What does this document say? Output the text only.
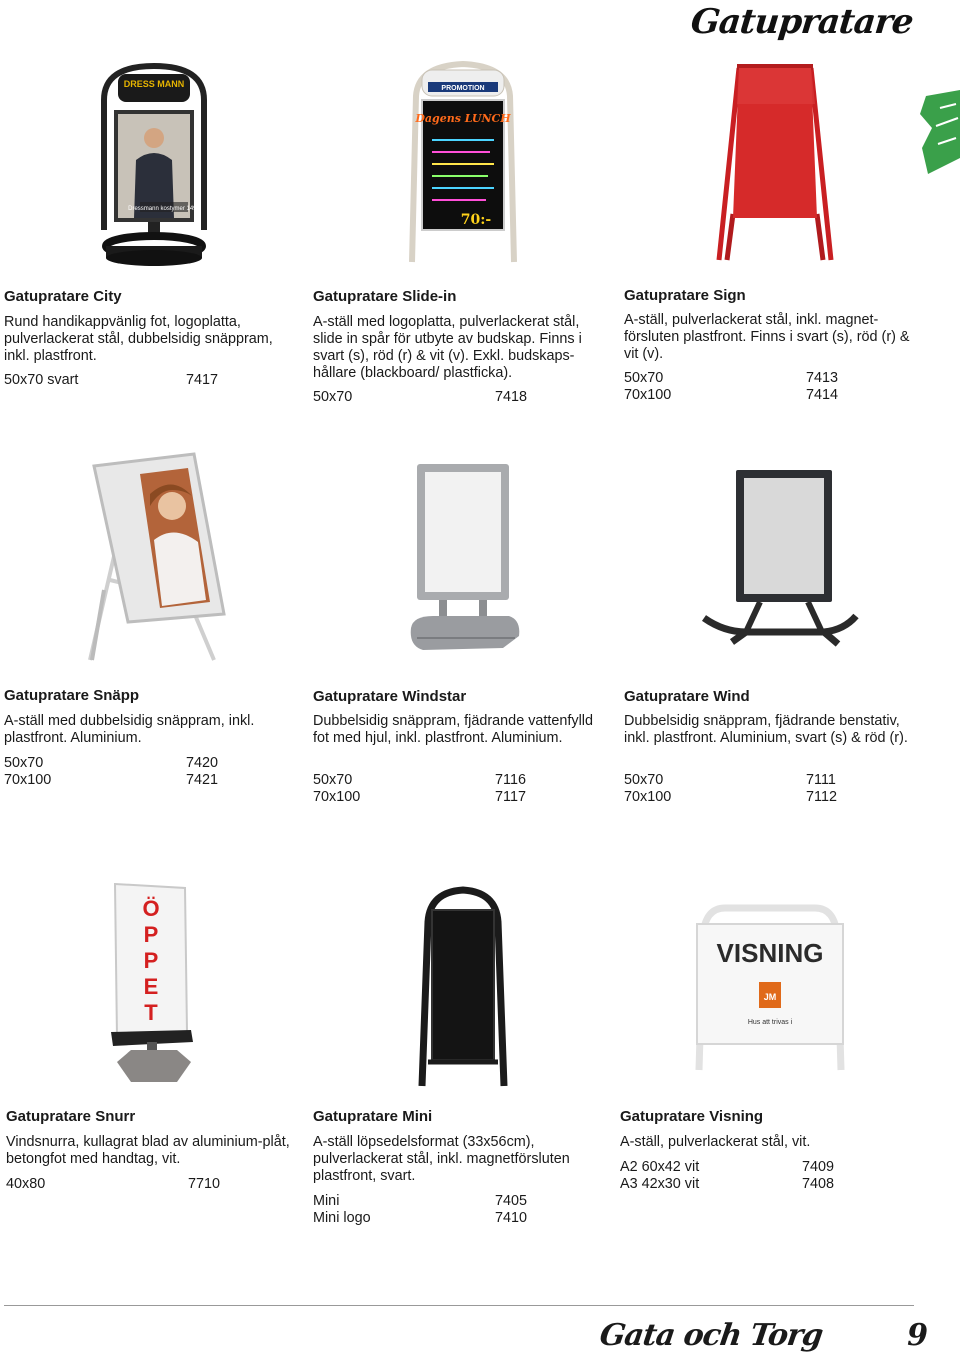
Gatupratare
DRESS MANN
Dressmann kostymer 1495
Gatupratare City
Rund handikappvänlig fot, logoplatta, pulverlackerat stål, dubbelsidig snäppram, inkl. plastfront.
50x70 svart	7417
PROMOTION
Dagens LUNCH
70:-
Gatupratare Slide-in
A-ställ med logoplatta, pulverlackerat stål, slide in spår för utbyte av budskap. Finns i svart (s), röd (r) & vit (v). Exkl. budskaps-hållare (blackboard/ plastficka).
50x70	7418
Gatupratare Sign
A-ställ, pulverlackerat stål, inkl. magnet-försluten plastfront. Finns i svart (s), röd (r) & vit (v).
50x70	7413
70x100	7414
Gatupratare Snäpp
A-ställ med dubbelsidig snäppram, inkl. plastfront. Aluminium.
50x70	7420
70x100	7421
Gatupratare Windstar
Dubbelsidig snäppram, fjädrande vattenfylld fot med hjul, inkl. plastfront. Aluminium.
50x70	7116
70x100	7117
Gatupratare Wind
Dubbelsidig snäppram, fjädrande benstativ, inkl. plastfront. Aluminium, svart (s) & röd (r).
50x70	7111
70x100	7112
Ö
P
P
E
T
Gatupratare Snurr
Vindsnurra, kullagrat blad av aluminium-plåt, betongfot med handtag, vit.
40x80	7710
Gatupratare Mini
A-ställ löpsedelsformat (33x56cm), pulverlackerat stål, inkl. magnetförsluten plastfront, svart.
Mini	7405
Mini logo	7410
VISNING
JM
Hus att trivas i
Gatupratare Visning
A-ställ, pulverlackerat stål, vit.
A2 60x42 vit	7409
A3 42x30 vit	7408
Gata och Torg	9
